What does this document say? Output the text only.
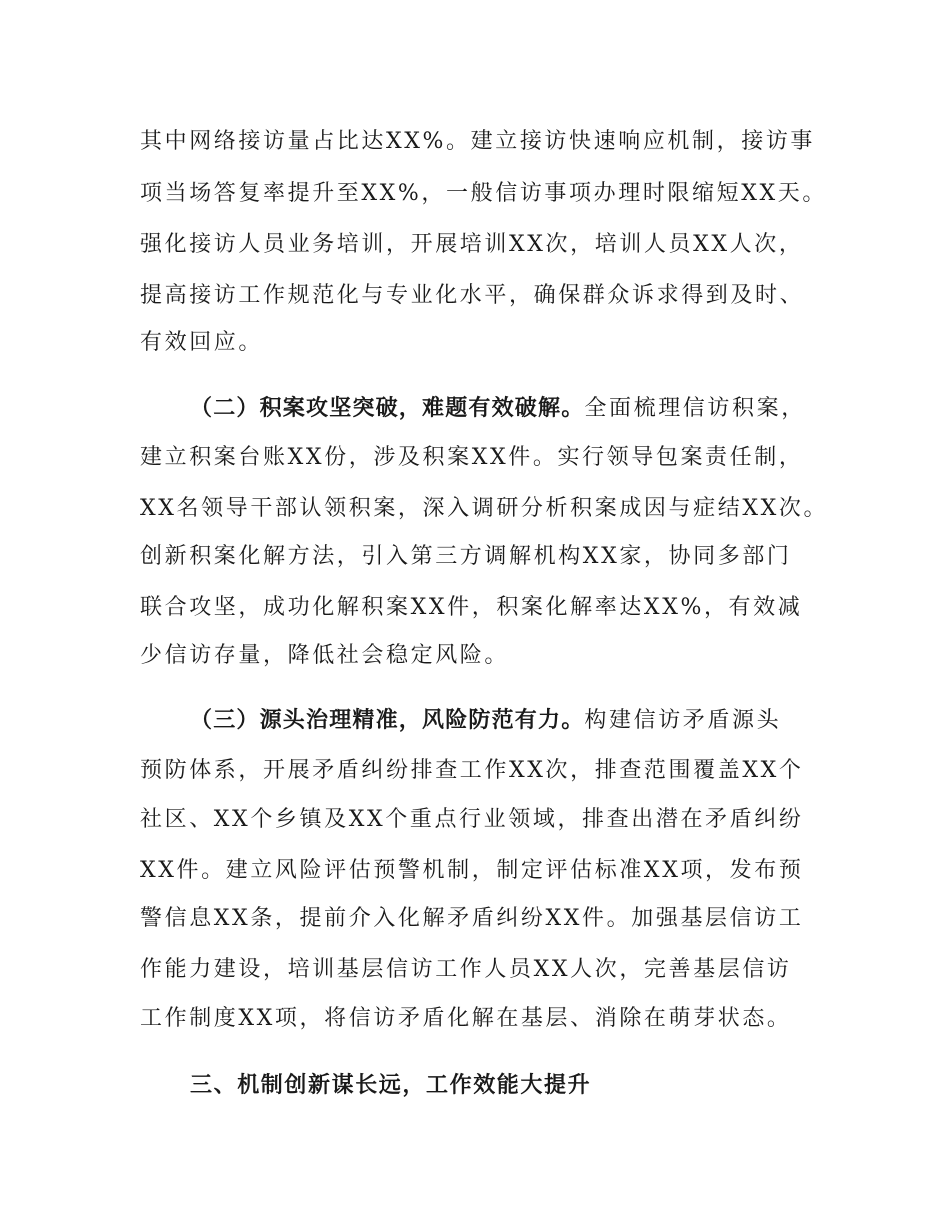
其中网络接访量占比达XX%。建立接访快速响应机制，接访事
项当场答复率提升至XX%，一般信访事项办理时限缩短XX天。
强化接访人员业务培训，开展培训XX次，培训人员XX人次，
提高接访工作规范化与专业化水平，确保群众诉求得到及时、
有效回应。
（二）积案攻坚突破，难题有效破解。全面梳理信访积案，
建立积案台账XX份，涉及积案XX件。实行领导包案责任制，
XX名领导干部认领积案，深入调研分析积案成因与症结XX次。
创新积案化解方法，引入第三方调解机构XX家，协同多部门
联合攻坚，成功化解积案XX件，积案化解率达XX%，有效减
少信访存量，降低社会稳定风险。
（三）源头治理精准，风险防范有力。构建信访矛盾源头
预防体系，开展矛盾纠纷排查工作XX次，排查范围覆盖XX个
社区、XX个乡镇及XX个重点行业领域，排查出潜在矛盾纠纷
XX件。建立风险评估预警机制，制定评估标准XX项，发布预
警信息XX条，提前介入化解矛盾纠纷XX件。加强基层信访工
作能力建设，培训基层信访工作人员XX人次，完善基层信访
工作制度XX项，将信访矛盾化解在基层、消除在萌芽状态。
三、机制创新谋长远，工作效能大提升
